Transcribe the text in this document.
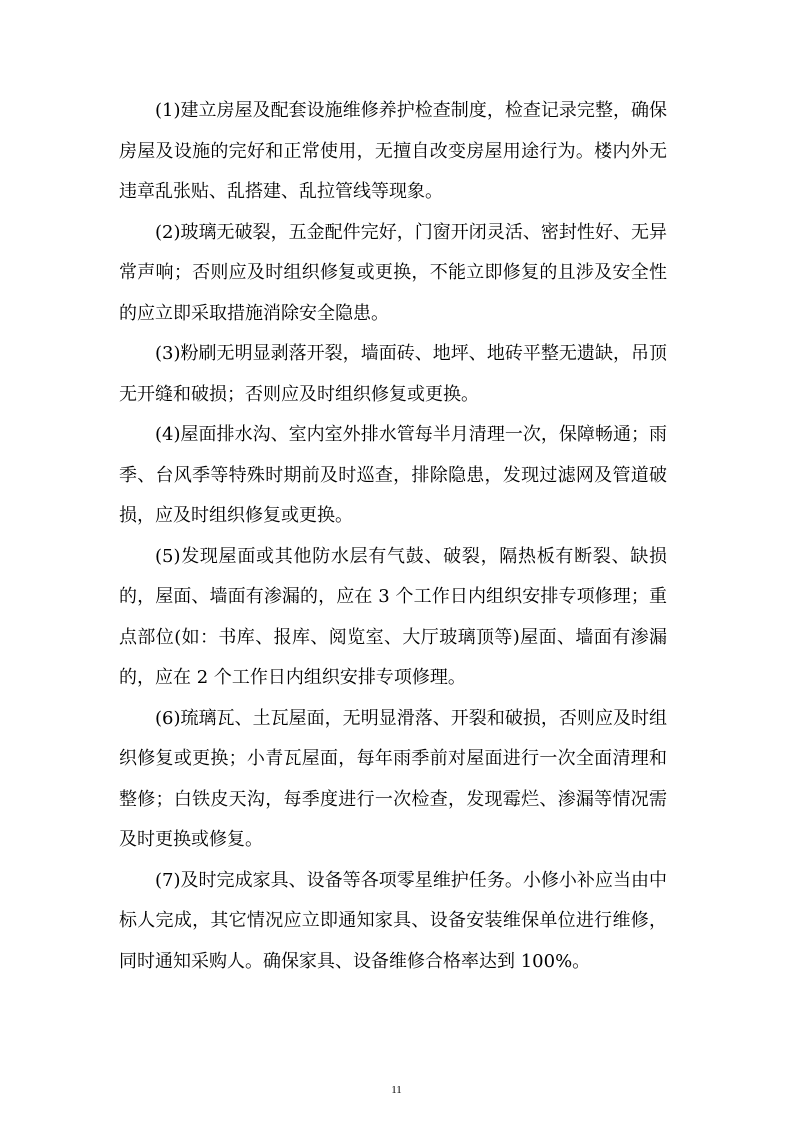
(1)建立房屋及配套设施维修养护检查制度，检查记录完整，确保房屋及设施的完好和正常使用，无擅自改变房屋用途行为。楼内外无违章乱张贴、乱搭建、乱拉管线等现象。

(2)玻璃无破裂，五金配件完好，门窗开闭灵活、密封性好、无异常声响；否则应及时组织修复或更换，不能立即修复的且涉及安全性的应立即采取措施消除安全隐患。

(3)粉刷无明显剥落开裂，墙面砖、地坪、地砖平整无遗缺，吊顶无开缝和破损；否则应及时组织修复或更换。

(4)屋面排水沟、室内室外排水管每半月清理一次，保障畅通；雨季、台风季等特殊时期前及时巡查，排除隐患，发现过滤网及管道破损，应及时组织修复或更换。

(5)发现屋面或其他防水层有气鼓、破裂，隔热板有断裂、缺损的，屋面、墙面有渗漏的，应在 3 个工作日内组织安排专项修理；重点部位(如：书库、报库、阅览室、大厅玻璃顶等)屋面、墙面有渗漏的，应在 2 个工作日内组织安排专项修理。

(6)琉璃瓦、土瓦屋面，无明显滑落、开裂和破损，否则应及时组织修复或更换；小青瓦屋面，每年雨季前对屋面进行一次全面清理和整修；白铁皮天沟，每季度进行一次检查，发现霉烂、渗漏等情况需及时更换或修复。

(7)及时完成家具、设备等各项零星维护任务。小修小补应当由中标人完成，其它情况应立即通知家具、设备安装维保单位进行维修，同时通知采购人。确保家具、设备维修合格率达到 100%。

11
